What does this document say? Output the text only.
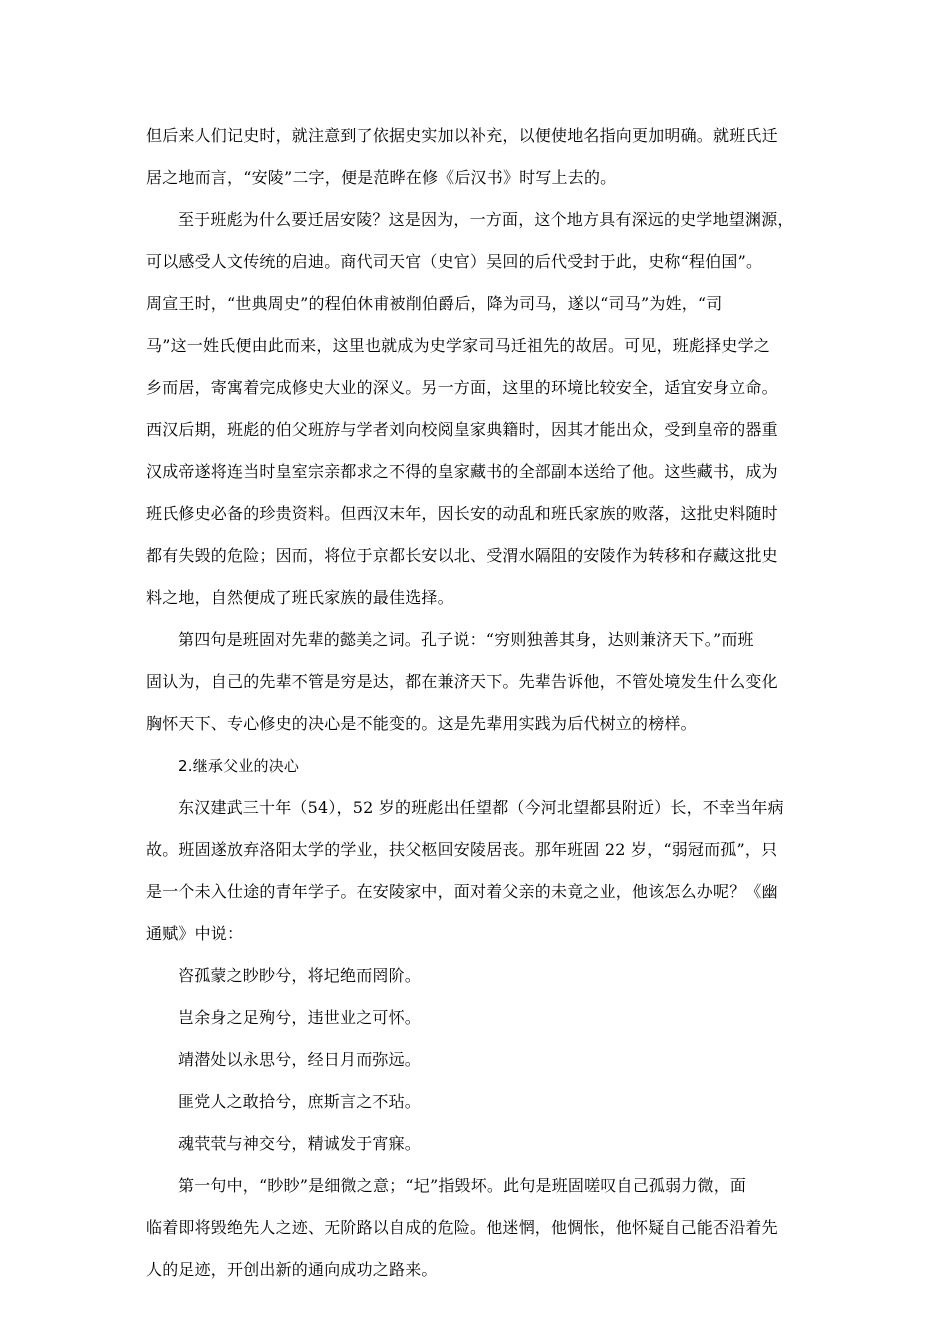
但后来人们记史时，就注意到了依据史实加以补充，以便使地名指向更加明确。就班氏迁
居之地而言，“安陵”二字，便是范晔在修《后汉书》时写上去的。
至于班彪为什么要迁居安陵？这是因为，一方面，这个地方具有深远的史学地望渊源，
可以感受人文传统的启迪。商代司天官（史官）吴回的后代受封于此，史称“程伯国”。
周宣王时，“世典周史”的程伯休甫被削伯爵后，降为司马，遂以“司马”为姓，“司
马”这一姓氏便由此而来，这里也就成为史学家司马迁祖先的故居。可见，班彪择史学之
乡而居，寄寓着完成修史大业的深义。另一方面，这里的环境比较安全，适宜安身立命。
西汉后期，班彪的伯父班斿与学者刘向校阅皇家典籍时，因其才能出众，受到皇帝的器重
汉成帝遂将连当时皇室宗亲都求之不得的皇家藏书的全部副本送给了他。这些藏书，成为
班氏修史必备的珍贵资料。但西汉末年，因长安的动乱和班氏家族的败落，这批史料随时
都有失毁的危险；因而，将位于京都长安以北、受渭水隔阻的安陵作为转移和存藏这批史
料之地，自然便成了班氏家族的最佳选择。
第四句是班固对先辈的懿美之词。孔子说：“穷则独善其身，达则兼济天下。”而班
固认为，自己的先辈不管是穷是达，都在兼济天下。先辈告诉他，不管处境发生什么变化
胸怀天下、专心修史的决心是不能变的。这是先辈用实践为后代树立的榜样。
2.继承父业的决心
东汉建武三十年（54），52 岁的班彪出任望都（今河北望都县附近）长，不幸当年病
故。班固遂放弃洛阳太学的学业，扶父柩回安陵居丧。那年班固 22 岁，“弱冠而孤”，只
是一个未入仕途的青年学子。在安陵家中，面对着父亲的未竟之业，他该怎么办呢？《幽
通赋》中说：
咨孤蒙之眇眇兮，将圮绝而罔阶。
岂余身之足殉兮，违世业之可怀。
靖潜处以永思兮，经日月而弥远。
匪党人之敢拾兮，庶斯言之不玷。
魂茕茕与神交兮，精诚发于宵寐。
第一句中，“眇眇”是细微之意；“圮”指毁坏。此句是班固嗟叹自己孤弱力微，面
临着即将毁绝先人之迹、无阶路以自成的危险。他迷惘，他惆怅，他怀疑自己能否沿着先
人的足迹，开创出新的通向成功之路来。
